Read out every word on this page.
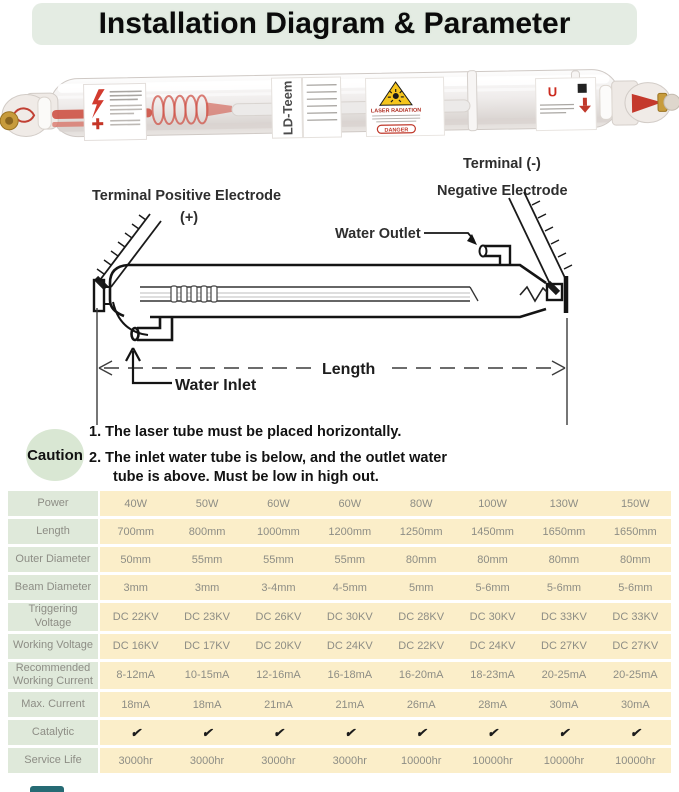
Installation Diagram & Parameter
LD-Teem	LASER RADIATION
DANGER
U
Terminal Positive Electrode
(+)
Terminal (-)
Negative Electrode
Water Outlet
Length
Water Inlet
Caution
1. The laser tube must be placed horizontally.
2. The inlet water tube is below, and the outlet water
tube is above. Must be low in high out.
Power	40W	50W	60W	60W	80W	100W	130W	150W
Length	700mm	800mm	1000mm	1200mm	1250mm	1450mm	1650mm	1650mm
Outer Diameter	50mm	55mm	55mm	55mm	80mm	80mm	80mm	80mm
Beam Diameter	3mm	3mm	3-4mm	4-5mm	5mm	5-6mm	5-6mm	5-6mm
Triggering Voltage	DC 22KV	DC 23KV	DC 26KV	DC 30KV	DC 28KV	DC 30KV	DC 33KV	DC 33KV
Working Voltage	DC 16KV	DC 17KV	DC 20KV	DC 24KV	DC 22KV	DC 24KV	DC 27KV	DC 27KV
Recommended Working Current	8-12mA	10-15mA	12-16mA	16-18mA	16-20mA	18-23mA	20-25mA	20-25mA
Max. Current	18mA	18mA	21mA	21mA	26mA	28mA	30mA	30mA
Catalytic	✔	✔	✔	✔	✔	✔	✔	✔
Service Life	3000hr	3000hr	3000hr	3000hr	10000hr	10000hr	10000hr	10000hr
